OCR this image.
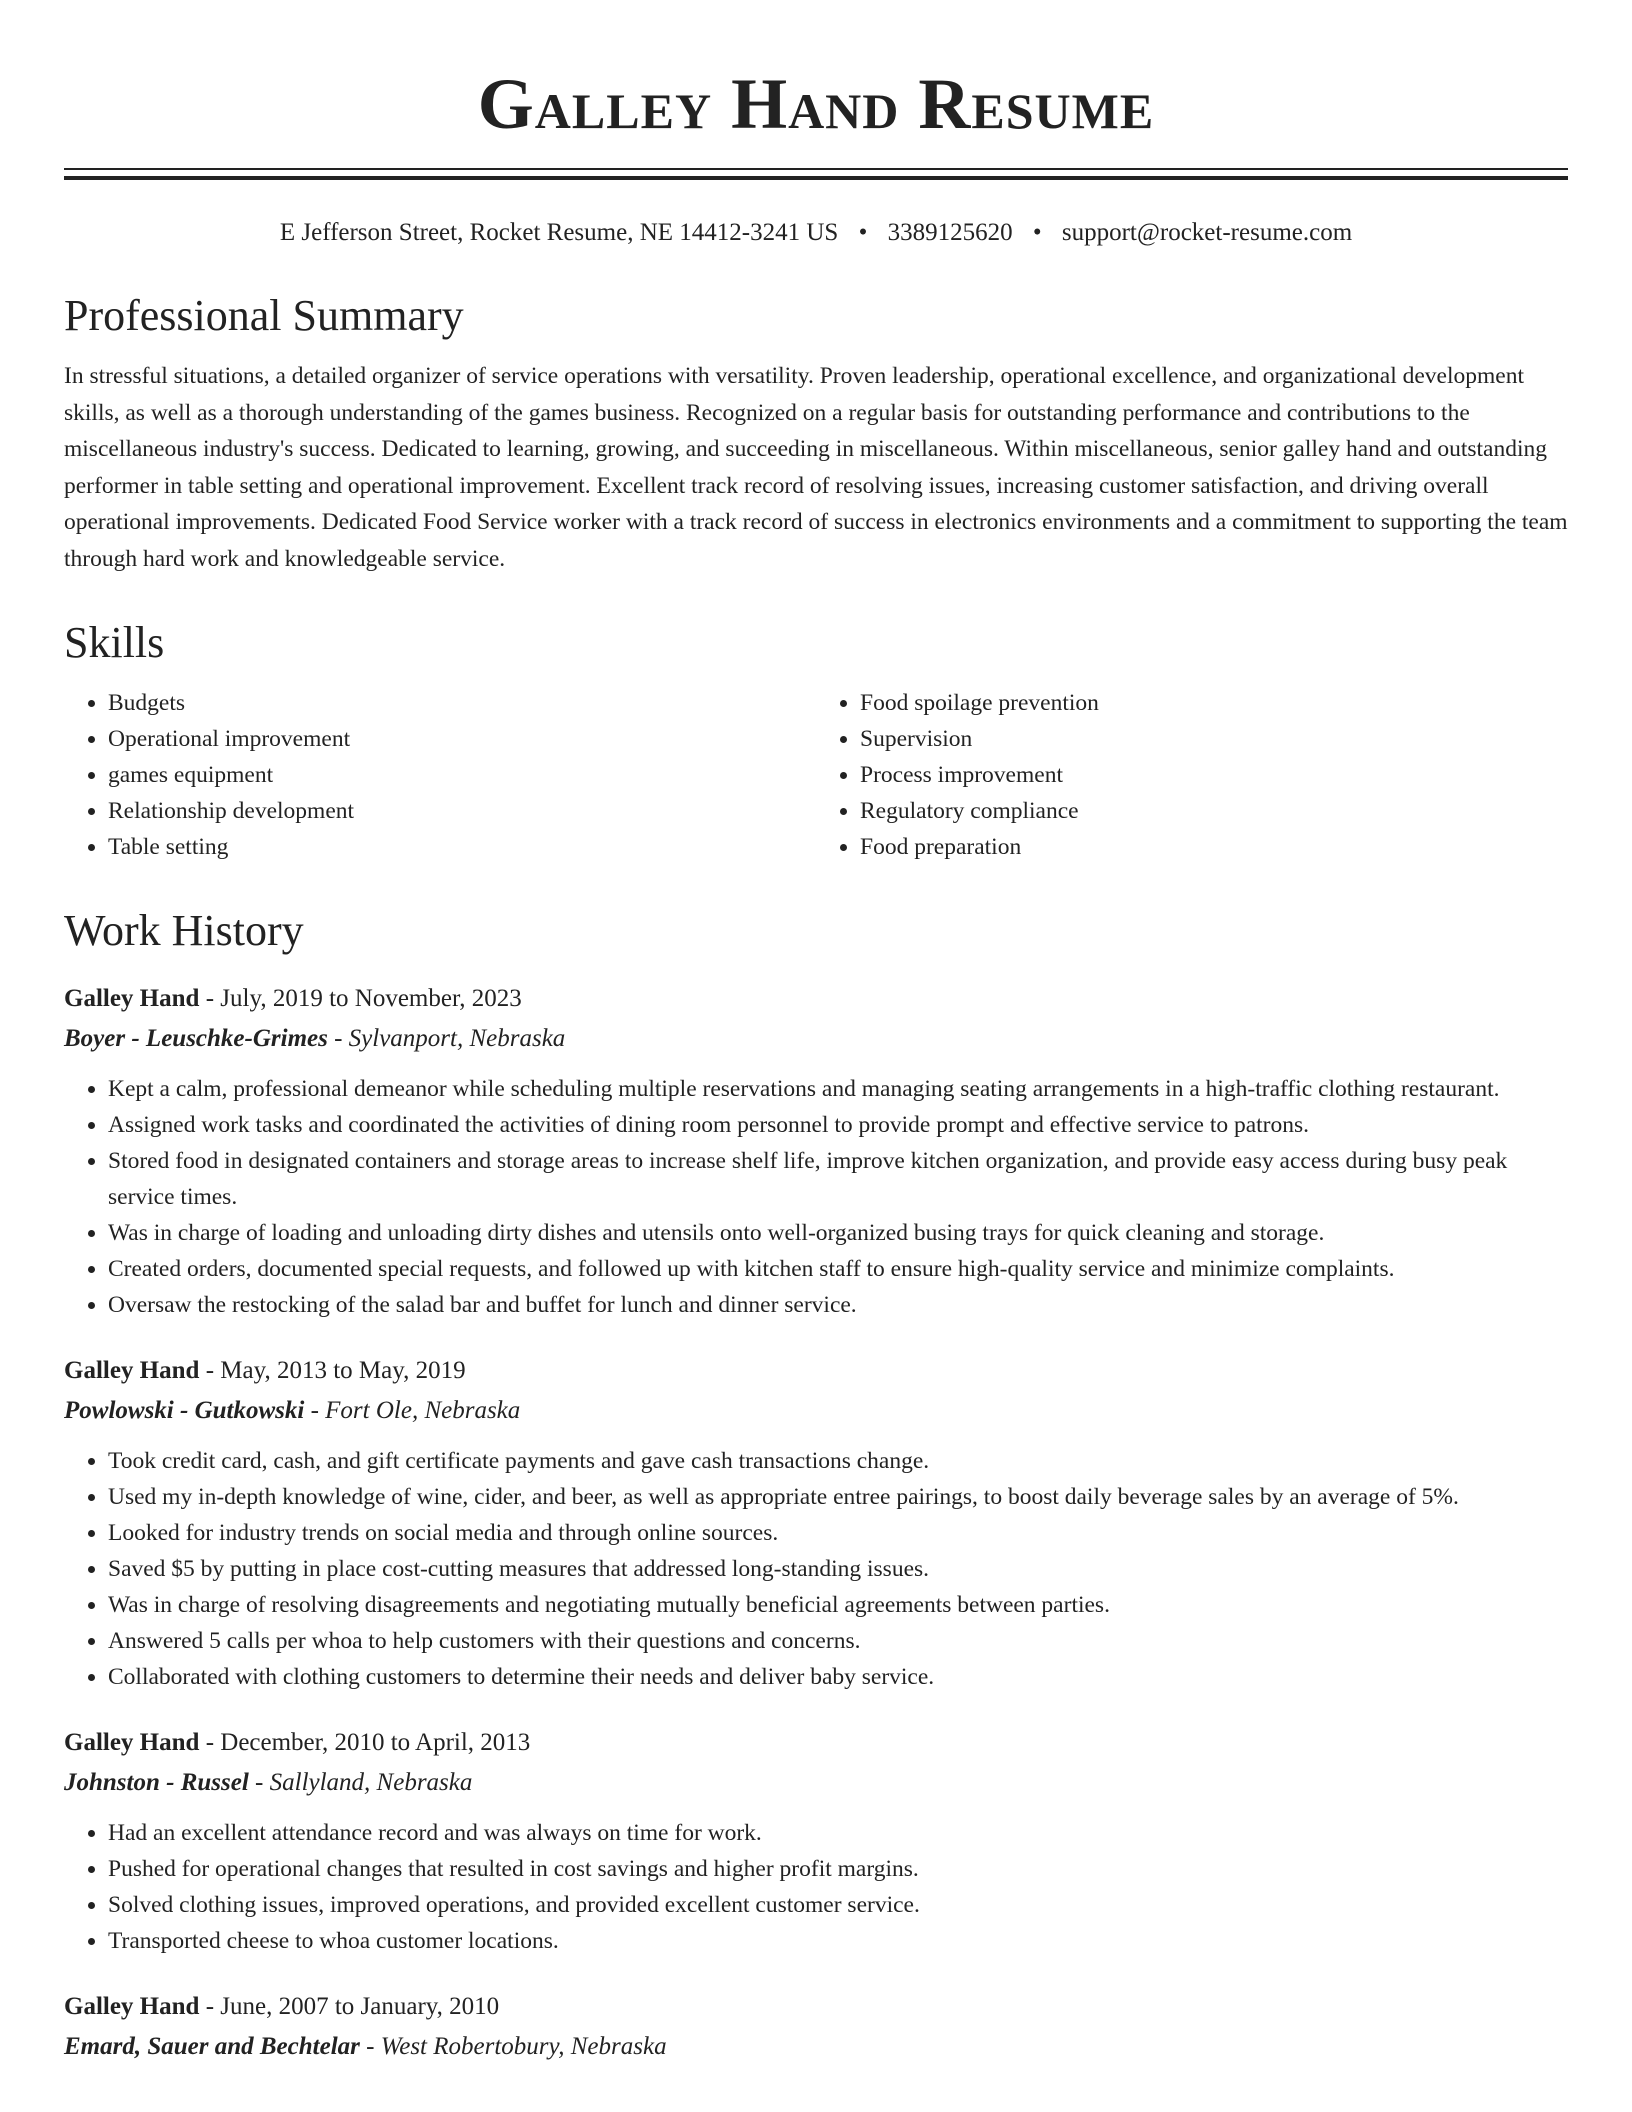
Galley Hand Resume
E Jefferson Street, Rocket Resume, NE 14412-3241 US • 3389125620 • support@rocket-resume.com
Professional Summary
In stressful situations, a detailed organizer of service operations with versatility. Proven leadership, operational excellence, and organizational development skills, as well as a thorough understanding of the games business. Recognized on a regular basis for outstanding performance and contributions to the miscellaneous industry's success. Dedicated to learning, growing, and succeeding in miscellaneous. Within miscellaneous, senior galley hand and outstanding performer in table setting and operational improvement. Excellent track record of resolving issues, increasing customer satisfaction, and driving overall operational improvements. Dedicated Food Service worker with a track record of success in electronics environments and a commitment to supporting the team through hard work and knowledgeable service.
Skills
• Budgets
• Operational improvement
• games equipment
• Relationship development
• Table setting
• Food spoilage prevention
• Supervision
• Process improvement
• Regulatory compliance
• Food preparation
Work History
Galley Hand - July, 2019 to November, 2023
Boyer - Leuschke-Grimes - Sylvanport, Nebraska
• Kept a calm, professional demeanor while scheduling multiple reservations and managing seating arrangements in a high-traffic clothing restaurant.
• Assigned work tasks and coordinated the activities of dining room personnel to provide prompt and effective service to patrons.
• Stored food in designated containers and storage areas to increase shelf life, improve kitchen organization, and provide easy access during busy peak service times.
• Was in charge of loading and unloading dirty dishes and utensils onto well-organized busing trays for quick cleaning and storage.
• Created orders, documented special requests, and followed up with kitchen staff to ensure high-quality service and minimize complaints.
• Oversaw the restocking of the salad bar and buffet for lunch and dinner service.
Galley Hand - May, 2013 to May, 2019
Powlowski - Gutkowski - Fort Ole, Nebraska
• Took credit card, cash, and gift certificate payments and gave cash transactions change.
• Used my in-depth knowledge of wine, cider, and beer, as well as appropriate entree pairings, to boost daily beverage sales by an average of 5%.
• Looked for industry trends on social media and through online sources.
• Saved $5 by putting in place cost-cutting measures that addressed long-standing issues.
• Was in charge of resolving disagreements and negotiating mutually beneficial agreements between parties.
• Answered 5 calls per whoa to help customers with their questions and concerns.
• Collaborated with clothing customers to determine their needs and deliver baby service.
Galley Hand - December, 2010 to April, 2013
Johnston - Russel - Sallyland, Nebraska
• Had an excellent attendance record and was always on time for work.
• Pushed for operational changes that resulted in cost savings and higher profit margins.
• Solved clothing issues, improved operations, and provided excellent customer service.
• Transported cheese to whoa customer locations.
Galley Hand - June, 2007 to January, 2010
Emard, Sauer and Bechtelar - West Robertobury, Nebraska
